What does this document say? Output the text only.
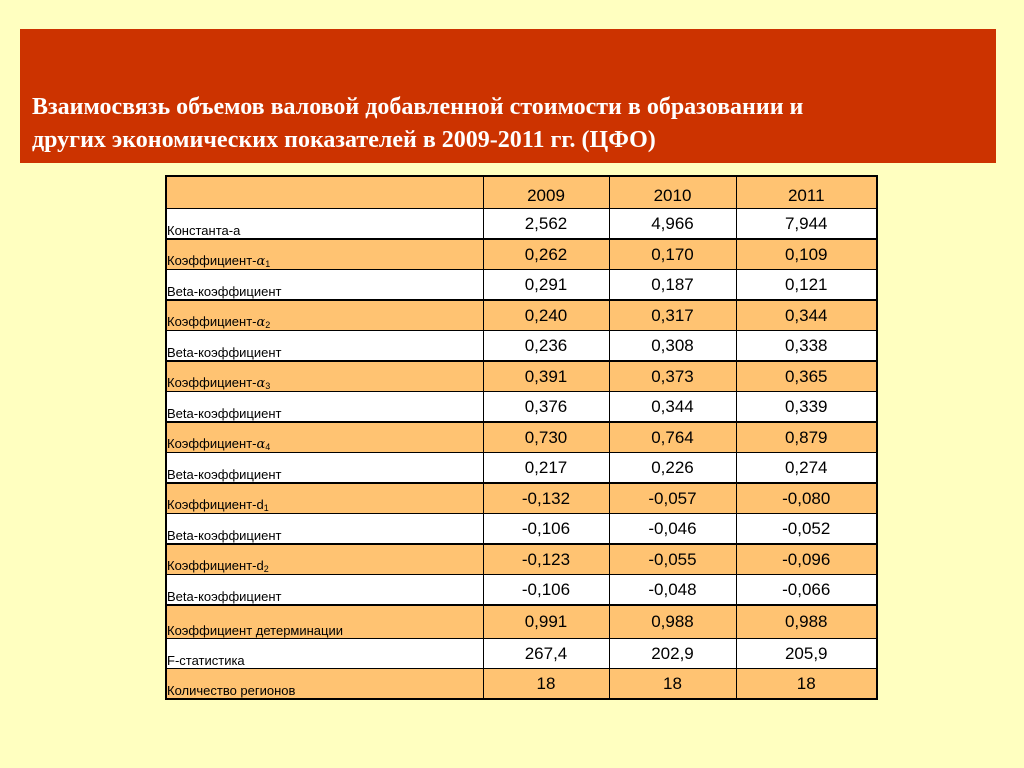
Взаимосвязь объемов валовой добавленной стоимости в образовании и
других экономических показателей в 2009-2011 гг. (ЦФО)

	2009	2010	2011
Константа-а	2,562	4,966	7,944
Коэффициент-$\alpha_1$	0,262	0,170	0,109
Beta-коэффициент	0,291	0,187	0,121
Коэффициент-$\alpha_2$	0,240	0,317	0,344
Beta-коэффициент	0,236	0,308	0,338
Коэффициент-$\alpha_3$	0,391	0,373	0,365
Beta-коэффициент	0,376	0,344	0,339
Коэффициент-$\alpha_4$	0,730	0,764	0,879
Beta-коэффициент	0,217	0,226	0,274
Коэффициент-$d_1$	-0,132	-0,057	-0,080
Beta-коэффициент	-0,106	-0,046	-0,052
Коэффициент-$d_2$	-0,123	-0,055	-0,096
Beta-коэффициент	-0,106	-0,048	-0,066
Коэффициент детерминации	0,991	0,988	0,988
F-статистика	267,4	202,9	205,9
Количество регионов	18	18	18
